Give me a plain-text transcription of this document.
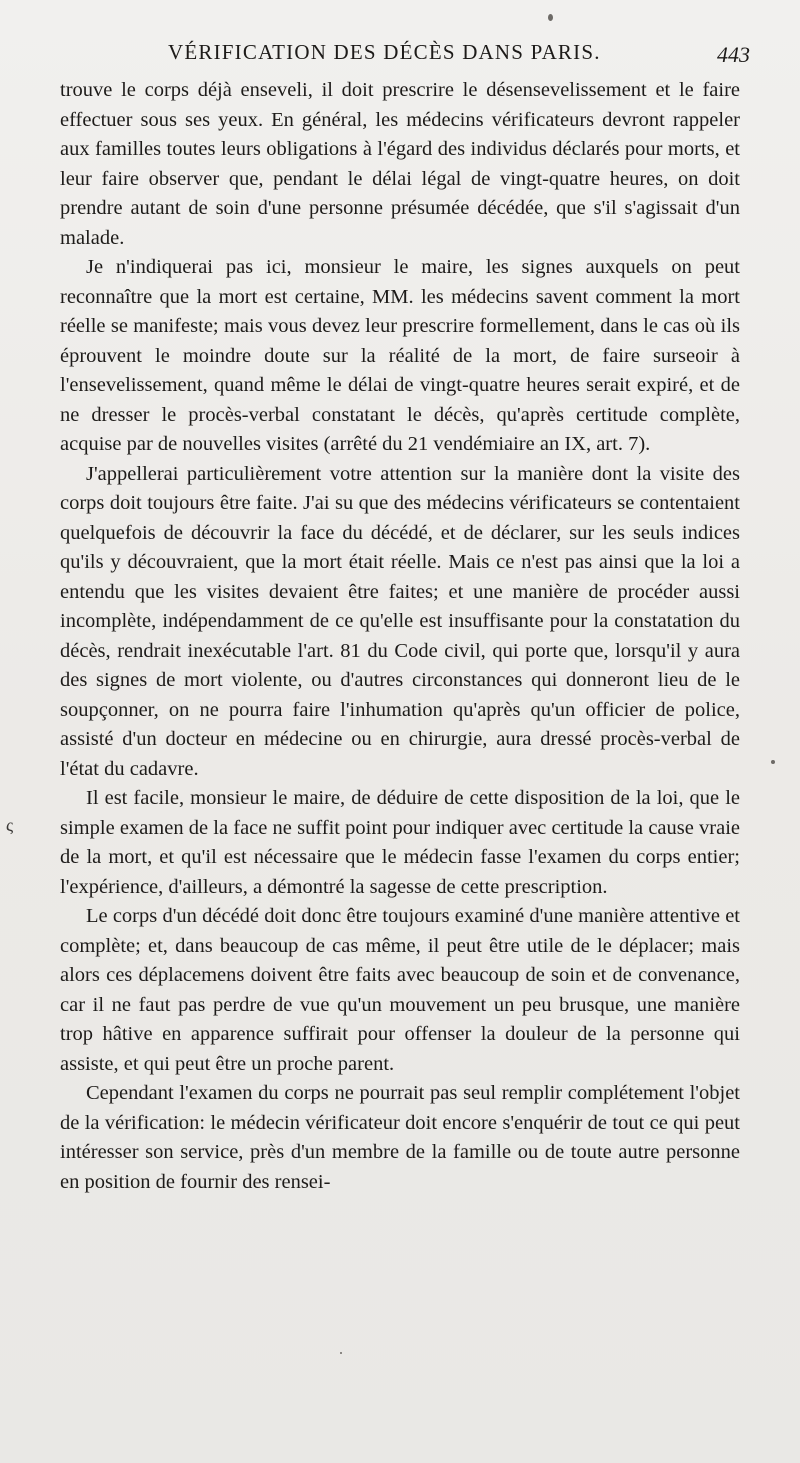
VÉRIFICATION DES DÉCÈS DANS PARIS.	443

trouve le corps déjà enseveli, il doit prescrire le désensevelissement et le faire effectuer sous ses yeux. En général, les médecins vérificateurs devront rappeler aux familles toutes leurs obligations à l'égard des individus déclarés pour morts, et leur faire observer que, pendant le délai légal de vingt-quatre heures, on doit prendre autant de soin d'une personne présumée décédée, que s'il s'agissait d'un malade.

Je n'indiquerai pas ici, monsieur le maire, les signes auxquels on peut reconnaître que la mort est certaine, MM. les médecins savent comment la mort réelle se manifeste; mais vous devez leur prescrire formellement, dans le cas où ils éprouvent le moindre doute sur la réalité de la mort, de faire surseoir à l'ensevelissement, quand même le délai de vingt-quatre heures serait expiré, et de ne dresser le procès-verbal constatant le décès, qu'après certitude complète, acquise par de nouvelles visites (arrêté du 21 vendémiaire an IX, art. 7).

J'appellerai particulièrement votre attention sur la manière dont la visite des corps doit toujours être faite. J'ai su que des médecins vérificateurs se contentaient quelquefois de découvrir la face du décédé, et de déclarer, sur les seuls indices qu'ils y découvraient, que la mort était réelle. Mais ce n'est pas ainsi que la loi a entendu que les visites devaient être faites; et une manière de procéder aussi incomplète, indépendamment de ce qu'elle est insuffisante pour la constatation du décès, rendrait inexécutable l'art. 81 du Code civil, qui porte que, lorsqu'il y aura des signes de mort violente, ou d'autres circonstances qui donneront lieu de le soupçonner, on ne pourra faire l'inhumation qu'après qu'un officier de police, assisté d'un docteur en médecine ou en chirurgie, aura dressé procès-verbal de l'état du cadavre.

Il est facile, monsieur le maire, de déduire de cette disposition de la loi, que le simple examen de la face ne suffit point pour indiquer avec certitude la cause vraie de la mort, et qu'il est nécessaire que le médecin fasse l'examen du corps entier; l'expérience, d'ailleurs, a démontré la sagesse de cette prescription.

Le corps d'un décédé doit donc être toujours examiné d'une manière attentive et complète; et, dans beaucoup de cas même, il peut être utile de le déplacer; mais alors ces déplacemens doivent être faits avec beaucoup de soin et de convenance, car il ne faut pas perdre de vue qu'un mouvement un peu brusque, une manière trop hâtive en apparence suffirait pour offenser la douleur de la personne qui assiste, et qui peut être un proche parent.

Cependant l'examen du corps ne pourrait pas seul remplir complétement l'objet de la vérification: le médecin vérificateur doit encore s'enquérir de tout ce qui peut intéresser son service, près d'un membre de la famille ou de toute autre personne en position de fournir des rensei-

ς
